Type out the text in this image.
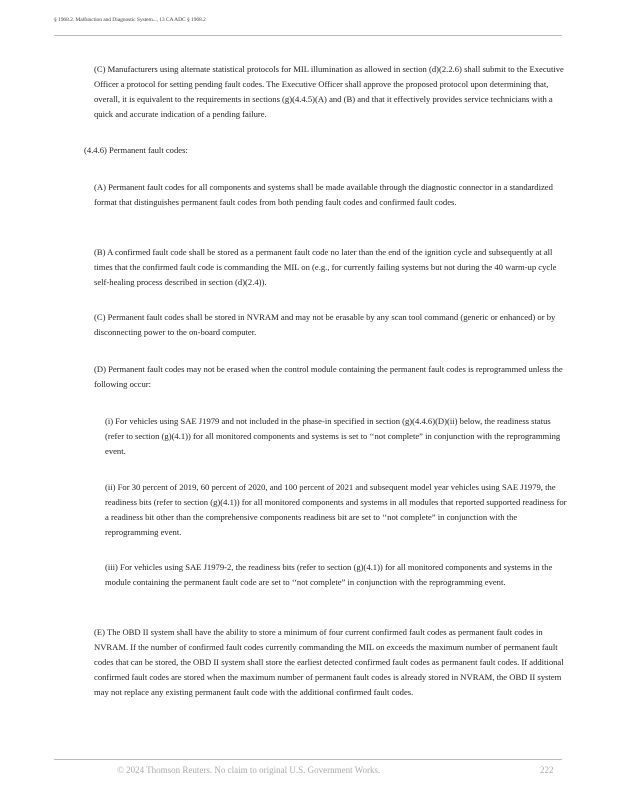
§ 1968.2. Malfunction and Diagnostic System..., 13 CA ADC § 1968.2

(C) Manufacturers using alternate statistical protocols for MIL illumination as allowed in section (d)(2.2.6) shall submit to the Executive Officer a protocol for setting pending fault codes. The Executive Officer shall approve the proposed protocol upon determining that, overall, it is equivalent to the requirements in sections (g)(4.4.5)(A) and (B) and that it effectively provides service technicians with a quick and accurate indication of a pending failure.

(4.4.6) Permanent fault codes:

(A) Permanent fault codes for all components and systems shall be made available through the diagnostic connector in a standardized format that distinguishes permanent fault codes from both pending fault codes and confirmed fault codes.

(B) A confirmed fault code shall be stored as a permanent fault code no later than the end of the ignition cycle and subsequently at all times that the confirmed fault code is commanding the MIL on (e.g., for currently failing systems but not during the 40 warm-up cycle self-healing process described in section (d)(2.4)).

(C) Permanent fault codes shall be stored in NVRAM and may not be erasable by any scan tool command (generic or enhanced) or by disconnecting power to the on-board computer.

(D) Permanent fault codes may not be erased when the control module containing the permanent fault codes is reprogrammed unless the following occur:

(i) For vehicles using SAE J1979 and not included in the phase-in specified in section (g)(4.4.6)(D)(ii) below, the readiness status (refer to section (g)(4.1)) for all monitored components and systems is set to ‘‘not complete” in conjunction with the reprogramming event.

(ii) For 30 percent of 2019, 60 percent of 2020, and 100 percent of 2021 and subsequent model year vehicles using SAE J1979, the readiness bits (refer to section (g)(4.1)) for all monitored components and systems in all modules that reported supported readiness for a readiness bit other than the comprehensive components readiness bit are set to ‘‘not complete” in conjunction with the reprogramming event.

(iii) For vehicles using SAE J1979-2, the readiness bits (refer to section (g)(4.1)) for all monitored components and systems in the module containing the permanent fault code are set to ‘‘not complete” in conjunction with the reprogramming event.

(E) The OBD II system shall have the ability to store a minimum of four current confirmed fault codes as permanent fault codes in NVRAM. If the number of confirmed fault codes currently commanding the MIL on exceeds the maximum number of permanent fault codes that can be stored, the OBD II system shall store the earliest detected confirmed fault codes as permanent fault codes. If additional confirmed fault codes are stored when the maximum number of permanent fault codes is already stored in NVRAM, the OBD II system may not replace any existing permanent fault code with the additional confirmed fault codes.

© 2024 Thomson Reuters. No claim to original U.S. Government Works.	222
